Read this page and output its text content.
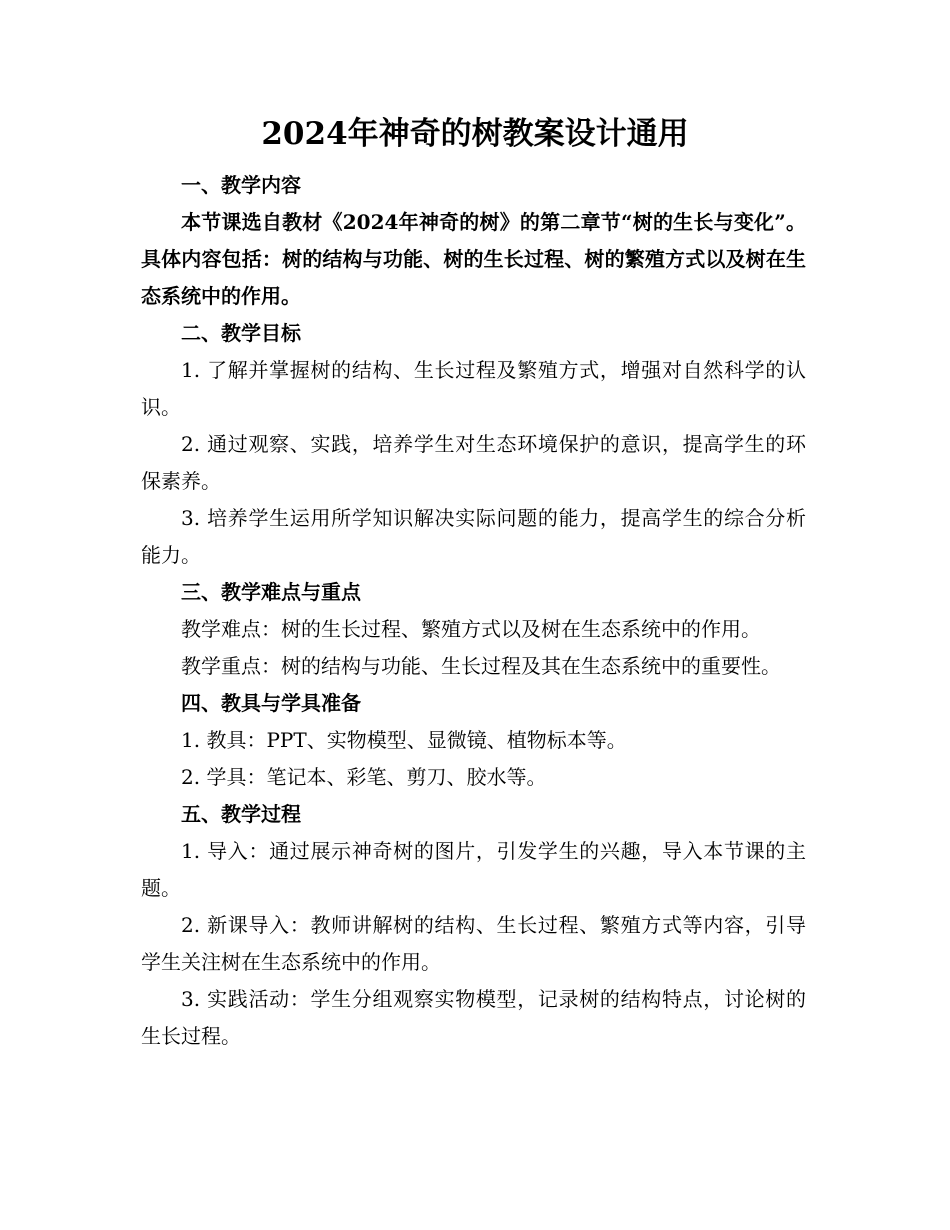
2024年神奇的树教案设计通用

一、教学内容

本节课选自教材《2024年神奇的树》的第二章节“树的生长与变化”。具体内容包括：树的结构与功能、树的生长过程、树的繁殖方式以及树在生态系统中的作用。

二、教学目标

1. 了解并掌握树的结构、生长过程及繁殖方式，增强对自然科学的认识。

2. 通过观察、实践，培养学生对生态环境保护的意识，提高学生的环保素养。

3. 培养学生运用所学知识解决实际问题的能力，提高学生的综合分析能力。

三、教学难点与重点

教学难点：树的生长过程、繁殖方式以及树在生态系统中的作用。

教学重点：树的结构与功能、生长过程及其在生态系统中的重要性。

四、教具与学具准备

1. 教具：PPT、实物模型、显微镜、植物标本等。

2. 学具：笔记本、彩笔、剪刀、胶水等。

五、教学过程

1. 导入：通过展示神奇树的图片，引发学生的兴趣，导入本节课的主题。

2. 新课导入：教师讲解树的结构、生长过程、繁殖方式等内容，引导学生关注树在生态系统中的作用。

3. 实践活动：学生分组观察实物模型，记录树的结构特点，讨论树的生长过程。
